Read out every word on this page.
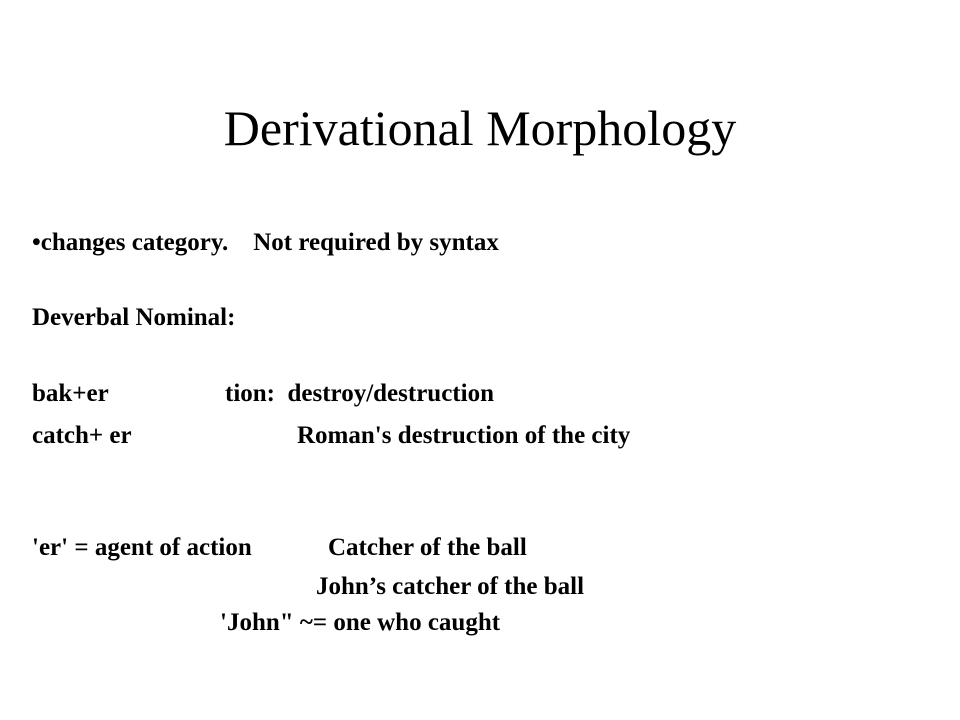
Derivational Morphology
•changes category.    Not required by syntax
Deverbal Nominal:
bak+er	tion:  destroy/destruction
catch+ er	Roman's destruction of the city
'er' = agent of action	Catcher of the ball
John’s catcher of the ball
'John" ~= one who caught
